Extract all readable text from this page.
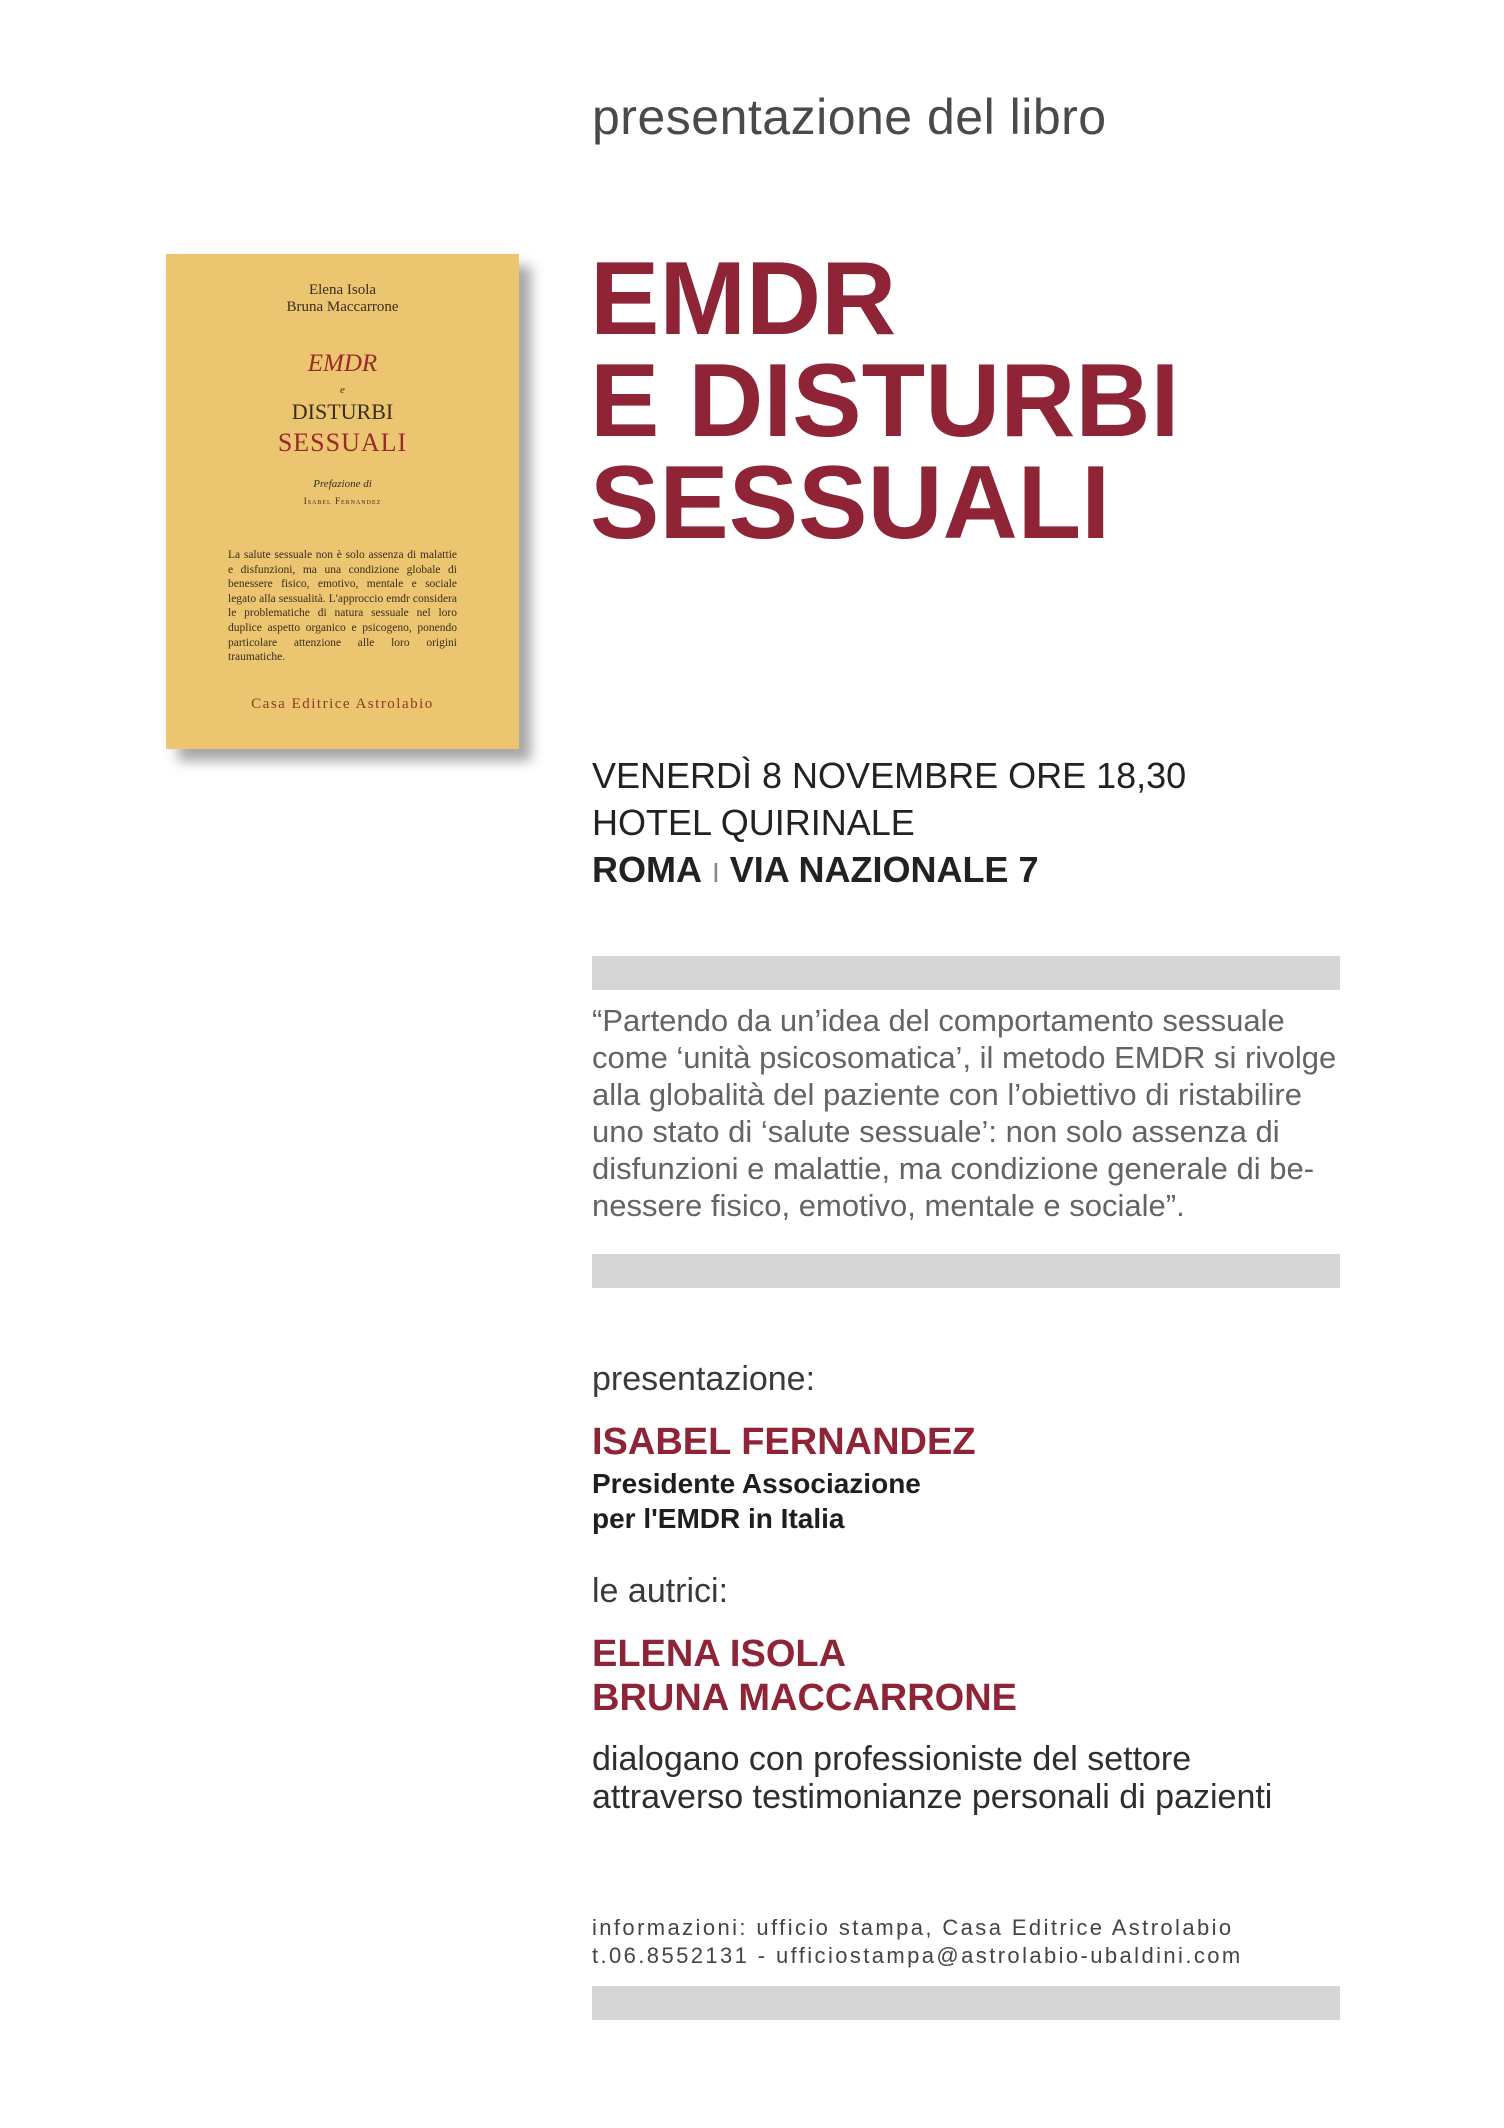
presentazione del libro
EMDR
E DISTURBI
SESSUALI
Elena Isola
Bruna Maccarrone
EMDR
e
DISTURBI
SESSUALI
Prefazione di
Isabel Fernandez
La salute sessuale non è solo assenza di malattie e disfunzioni, ma una condizione globale di benessere fisico, emotivo, mentale e sociale legato alla sessualità. L'approccio emdr considera le problematiche di natura sessuale nel loro duplice aspetto organico e psicogeno, ponendo particolare attenzione alle loro origini traumatiche.
Casa Editrice Astrolabio
VENERDÌ 8 NOVEMBRE ORE 18,30
HOTEL QUIRINALE
ROMA I VIA NAZIONALE 7

“Partendo da un’idea del comportamento sessuale

come ‘unità psicosomatica’, il metodo EMDR si rivolge

alla globalità del paziente con l’obiettivo di ristabilire

uno stato di ‘salute sessuale’: non solo assenza di

disfunzioni e malattie, ma condizione generale di be-

nessere fisico, emotivo, mentale e sociale”.

presentazione:
ISABEL FERNANDEZ
Presidente Associazione
per l'EMDR in Italia
le autrici:
ELENA ISOLA
BRUNA MACCARRONE
dialogano con professioniste del settore
attraverso testimonianze personali di pazienti
informazioni: ufficio stampa, Casa Editrice Astrolabio
t.06.8552131 - ufficiostampa@astrolabio-ubaldini.com
